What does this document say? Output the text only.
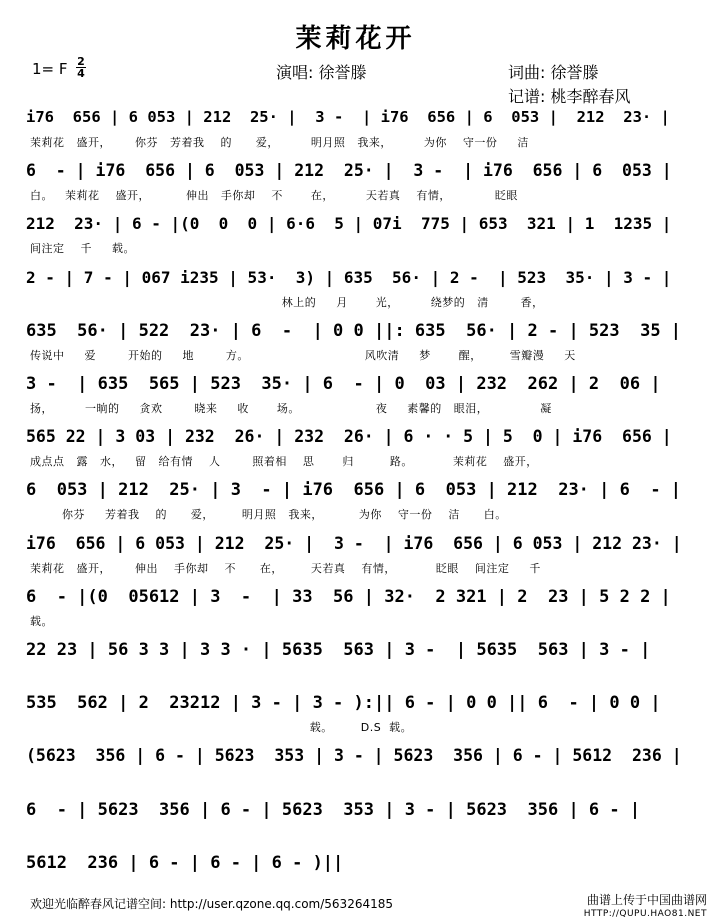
茉莉花开
1= F 2
4	演唱: 徐誉滕	词曲: 徐誉滕
记谱: 桃李醉春风
i76  656 | 6 053 | 212  25· |  3 -  | i76  656 | 6  053 |  212  23· |
茉莉花   盛开，      你芬   芳着我    的      爱，        明月照   我来，        为你    守一份     洁
6  - | i76  656 | 6  053 | 212  25· |  3 -  | i76  656 | 6  053 |
白。   茉莉花    盛开，         伸出   手你却    不       在，        天若真    有情，           眨眼
212  23· | 6 - |(0  0  0 | 6·6  5 | 07i  775 | 653  321 | 1  1235 |
间注定    千     载。
2 - | 7 - | 067 i235 | 53·  3) | 635  56· | 2 -  | 523  35· | 3 - |
林上的     月       光，        绕梦的   清        香，
635  56· | 522  23· | 6  -  | 0 0 ||: 635  56· | 2 - | 523  35 |
传说中     爱        开始的     地        方。                             风吹清     梦       醒，       雪瓣漫     天
3 -  | 635  565 | 523  35· | 6  - | 0  03 | 232  262 | 2  06 |
扬，        一晌的     贪欢        晓来     收       场。                   夜     素馨的   眼泪，             凝
565 22 | 3 03 | 232  26· | 232  26· | 6 · · 5 | 5  0 | i76  656 |
成点点   露   水，   留   给有情    人        照着相    思       归         路。          茉莉花    盛开，
6  053 | 212  25· | 3  - | i76  656 | 6  053 | 212  23· | 6  - |
你芬     芳着我    的      爱，       明月照   我来，         为你    守一份    洁      白。
i76  656 | 6 053 | 212  25· |  3 -  | i76  656 | 6 053 | 212 23· |
茉莉花   盛开，      伸出    手你却    不      在，       天若真    有情，          眨眼    间注定     千
6  - |(0  05612 | 3  -  | 33  56 | 32·  2 321 | 2  23 | 5 2 2 |
载。
22 23 | 56 3 3 | 3 3 · | 5635  563 | 3 -  | 5635  563 | 3 - |
535  562 | 2  23212 | 3 - | 3 - ):|| 6 - | 0 0 || 6  - | 0 0 |
载。       D.S  载。
(5623  356 | 6 - | 5623  353 | 3 - | 5623  356 | 6 - | 5612  236 |
6  - | 5623  356 | 6 - | 5623  353 | 3 - | 5623  356 | 6 - |
5612  236 | 6 - | 6 - | 6 - )||
欢迎光临醉春风记谱空间: http://user.qzone.qq.com/563264185	曲谱上传于中国曲谱网
HTTP://QUPU.HAO81.NET
